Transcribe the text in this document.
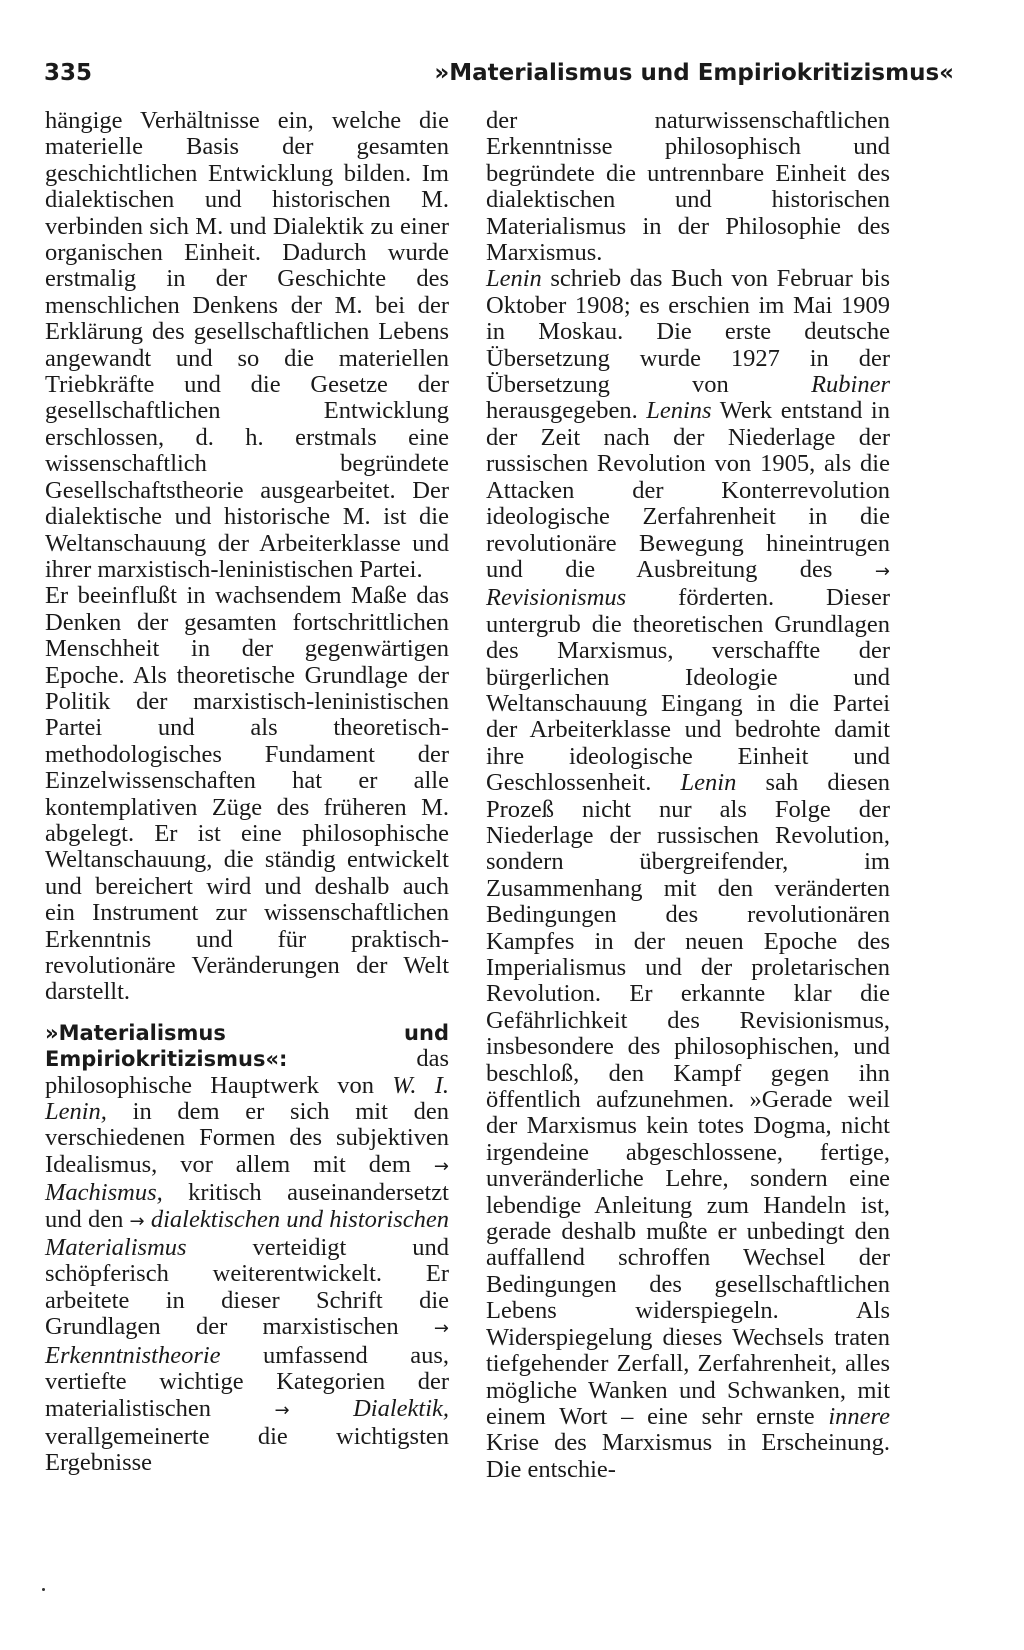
335	»Materialismus und Empiriokritizismus«

hängige Verhältnisse ein, welche die materielle Basis der gesamten geschichtlichen Entwicklung bilden. Im dialektischen und historischen M. verbinden sich M. und Dialektik zu einer organischen Einheit. Dadurch wurde erstmalig in der Geschichte des menschlichen Denkens der M. bei der Erklärung des gesellschaftlichen Lebens angewandt und so die materiellen Triebkräfte und die Gesetze der gesellschaftlichen Entwicklung erschlossen, d. h. erstmals eine wissenschaftlich begründete Gesellschaftstheorie ausgearbeitet. Der dialektische und historische M. ist die Weltanschauung der Arbeiterklasse und ihrer marxistisch-leninistischen Partei.

Er beeinflußt in wachsendem Maße das Denken der gesamten fortschrittlichen Menschheit in der gegenwärtigen Epoche. Als theoretische Grundlage der Politik der marxistisch-leninistischen Partei und als theoretisch-methodologisches Fundament der Einzelwissenschaften hat er alle kontemplativen Züge des früheren M. abgelegt. Er ist eine philosophische Weltanschauung, die ständig entwickelt und bereichert wird und deshalb auch ein Instrument zur wissenschaftlichen Erkenntnis und für praktisch-revolutionäre Veränderungen der Welt darstellt.

»Materialismus und Empiriokritizismus«: das philosophische Hauptwerk von W. I. Lenin, in dem er sich mit den verschiedenen Formen des subjektiven Idealismus, vor allem mit dem → Machismus, kritisch auseinandersetzt und den → dialektischen und historischen Materialismus verteidigt und schöpferisch weiterentwickelt. Er arbeitete in dieser Schrift die Grundlagen der marxistischen → Erkenntnistheorie umfassend aus, vertiefte wichtige Kategorien der materialistischen →	Dialektik, verallgemeinerte die wichtigsten Ergebnisse

der naturwissenschaftlichen Erkenntnisse philosophisch und begründete die untrennbare Einheit des dialektischen und historischen Materialismus in der Philosophie des Marxismus.

Lenin schrieb das Buch von Februar bis Oktober 1908; es erschien im Mai 1909 in Moskau. Die erste deutsche Übersetzung wurde 1927 in der Übersetzung von Rubiner herausgegeben. Lenins Werk entstand in der Zeit nach der Niederlage der russischen Revolution von 1905, als die Attacken der Konterrevolution ideologische Zerfahrenheit in die revolutionäre Bewegung hineintrugen und die Ausbreitung des → Revisionismus förderten. Dieser untergrub die theoretischen Grundlagen des Marxismus, verschaffte der bürgerlichen Ideologie und Weltanschauung Eingang in die Partei der Arbeiterklasse und bedrohte damit ihre ideologische Einheit und Geschlossenheit. Lenin sah diesen Prozeß nicht nur als Folge der Niederlage der russischen Revolution, sondern übergreifender, im Zusammenhang mit den veränderten Bedingungen des revolutionären Kampfes in der neuen Epoche des Imperialismus und der proletarischen Revolution. Er erkannte klar die Gefährlichkeit des Revisionismus, insbesondere des philosophischen, und beschloß, den Kampf gegen ihn öffentlich aufzunehmen. »Gerade weil der Marxismus kein totes Dogma, nicht irgendeine abgeschlossene, fertige, unveränderliche Lehre, sondern eine lebendige Anleitung zum Handeln ist, gerade deshalb mußte er unbedingt den auffallend schroffen Wechsel der Bedingungen des gesellschaftlichen Lebens widerspiegeln. Als Widerspiegelung dieses Wechsels traten tiefgehender Zerfall, Zerfahrenheit, alles mögliche Wanken und Schwanken, mit einem Wort – eine sehr ernste innere Krise des Marxismus in Erscheinung. Die entschie-
